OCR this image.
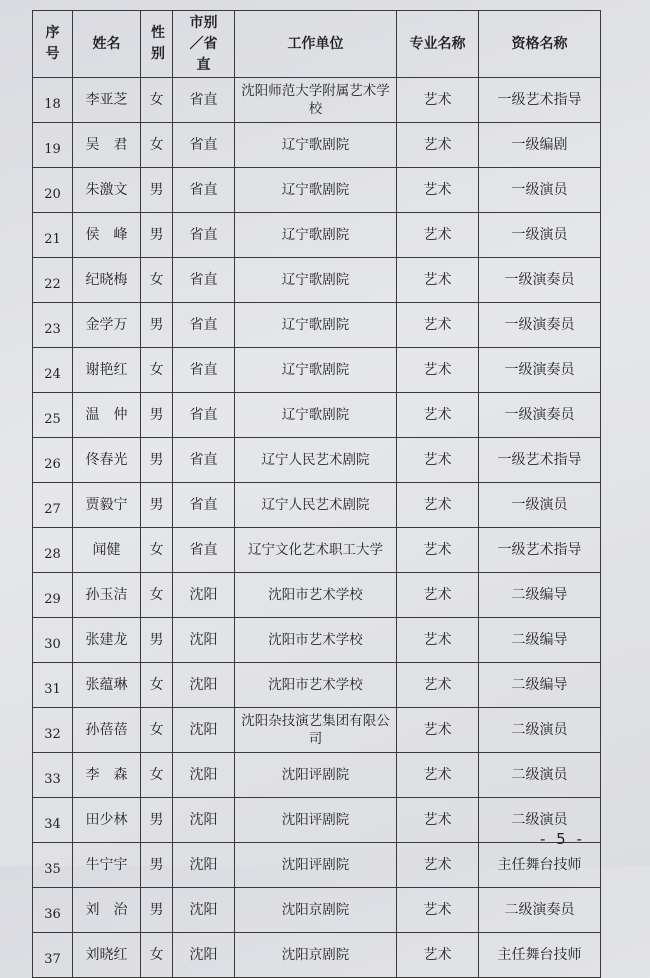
序号	姓名	性别	市别／省直	工作单位	专业名称	资格名称
18	李亚芝	女	省直	沈阳师范大学附属艺术学校	艺术	一级艺术指导
19	吴　君	女	省直	辽宁歌剧院	艺术	一级编剧
20	朱激文	男	省直	辽宁歌剧院	艺术	一级演员
21	侯　峰	男	省直	辽宁歌剧院	艺术	一级演员
22	纪晓梅	女	省直	辽宁歌剧院	艺术	一级演奏员
23	金学万	男	省直	辽宁歌剧院	艺术	一级演奏员
24	谢艳红	女	省直	辽宁歌剧院	艺术	一级演奏员
25	温　仲	男	省直	辽宁歌剧院	艺术	一级演奏员
26	佟春光	男	省直	辽宁人民艺术剧院	艺术	一级艺术指导
27	贾毅宁	男	省直	辽宁人民艺术剧院	艺术	一级演员
28	闻健	女	省直	辽宁文化艺术职工大学	艺术	一级艺术指导
29	孙玉洁	女	沈阳	沈阳市艺术学校	艺术	二级编导
30	张建龙	男	沈阳	沈阳市艺术学校	艺术	二级编导
31	张蕴琳	女	沈阳	沈阳市艺术学校	艺术	二级编导
32	孙蓓蓓	女	沈阳	沈阳杂技演艺集团有限公司	艺术	二级演员
33	李　森	女	沈阳	沈阳评剧院	艺术	二级演员
34	田少林	男	沈阳	沈阳评剧院	艺术	二级演员
35	牛宁宇	男	沈阳	沈阳评剧院	艺术	主任舞台技师
36	刘　治	男	沈阳	沈阳京剧院	艺术	二级演奏员
37	刘晓红	女	沈阳	沈阳京剧院	艺术	主任舞台技师
- 5 -
